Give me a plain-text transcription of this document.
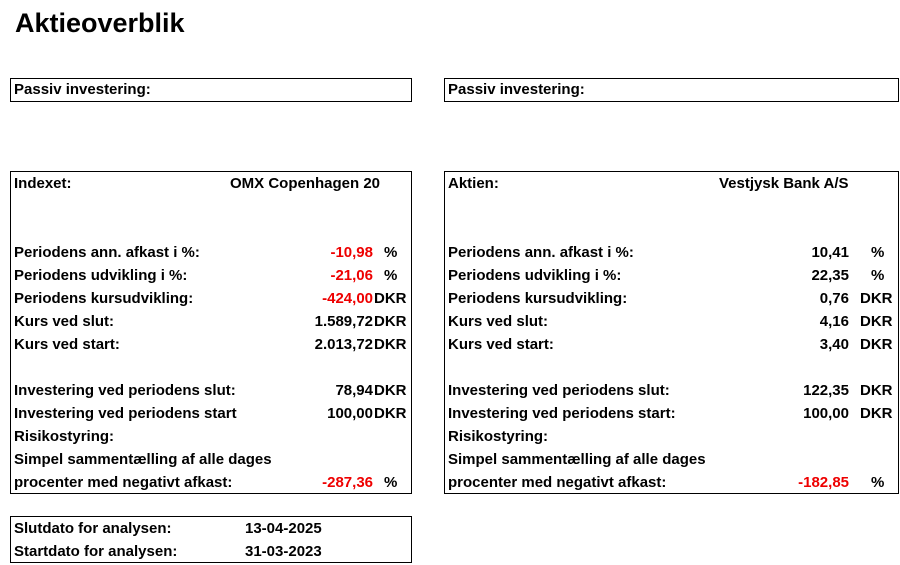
Aktieoverblik
Passiv investering:	Passiv investering:
Indexet:	OMX Copenhagen 20
Periodens ann. afkast i %:	-10,98 %
Periodens udvikling i %:	-21,06 %
Periodens kursudvikling:	-424,00 DKR
Kurs ved slut:	1.589,72 DKR
Kurs ved start:	2.013,72 DKR
Investering ved periodens slut:	78,94 DKR
Investering ved periodens start	100,00 DKR
Risikostyring:
Simpel sammentælling af alle dages
procenter med negativt afkast:	-287,36 %
Aktien:	Vestjysk Bank A/S
Periodens ann. afkast i %:	10,41 %
Periodens udvikling i %:	22,35 %
Periodens kursudvikling:	0,76 DKR
Kurs ved slut:	4,16 DKR
Kurs ved start:	3,40 DKR
Investering ved periodens slut:	122,35 DKR
Investering ved periodens start:	100,00 DKR
Risikostyring:
Simpel sammentælling af alle dages
procenter med negativt afkast:	-182,85 %
Slutdato for analysen:	13-04-2025
Startdato for analysen:	31-03-2023
